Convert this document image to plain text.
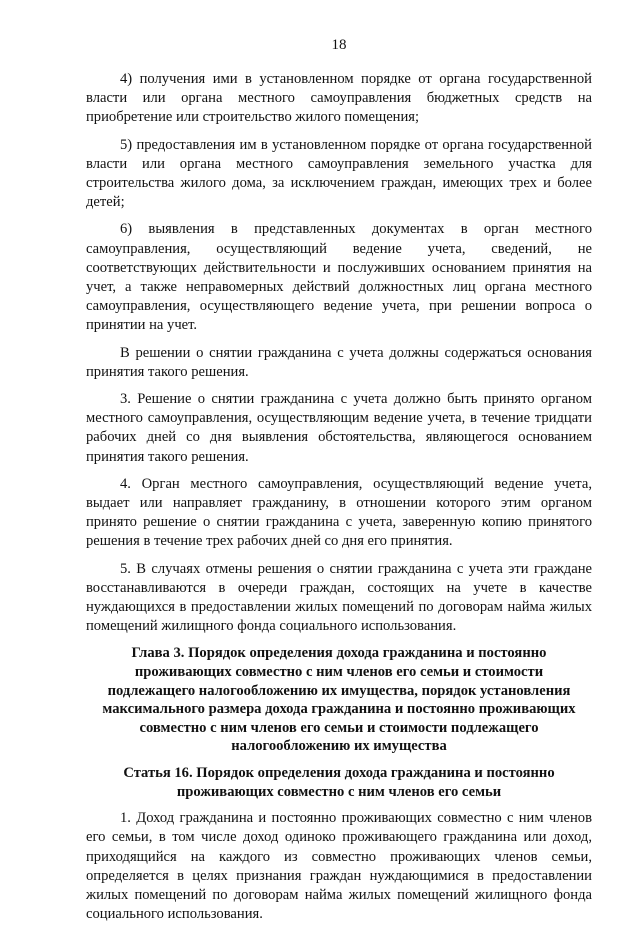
18

4) получения ими в установленном порядке от органа государственной власти или органа местного самоуправления бюджетных средств на приобретение или строительство жилого помещения;

5) предоставления им в установленном порядке от органа государственной власти или органа местного самоуправления земельного участка для строительства жилого дома, за исключением граждан, имеющих трех и более детей;

6) выявления в представленных документах в орган местного самоуправления, осуществляющий ведение учета, сведений, не соответствующих действительности и послуживших основанием принятия на учет, а также неправомерных действий должностных лиц органа местного самоуправления, осуществляющего ведение учета, при решении вопроса о принятии на учет.

В решении о снятии гражданина с учета должны содержаться основания принятия такого решения.

3. Решение о снятии гражданина с учета должно быть принято органом местного самоуправления, осуществляющим ведение учета, в течение тридцати рабочих дней со дня выявления обстоятельства, являющегося основанием принятия такого решения.

4. Орган местного самоуправления, осуществляющий ведение учета, выдает или направляет гражданину, в отношении которого этим органом принято решение о снятии гражданина с учета, заверенную копию принятого решения в течение трех рабочих дней со дня его принятия.

5. В случаях отмены решения о снятии гражданина с учета эти граждане восстанавливаются в очереди граждан, состоящих на учете в качестве нуждающихся в предоставлении жилых помещений по договорам найма жилых помещений жилищного фонда социального использования.

Глава 3. Порядок определения дохода гражданина и постоянно проживающих совместно с ним членов его семьи и стоимости подлежащего налогообложению их имущества, порядок установления максимального размера дохода гражданина и постоянно проживающих совместно с ним членов его семьи и стоимости подлежащего налогообложению их имущества
Статья 16. Порядок определения дохода гражданина и постоянно проживающих совместно с ним членов его семьи

1. Доход гражданина и постоянно проживающих совместно с ним членов его семьи, в том числе доход одиноко проживающего гражданина или доход, приходящийся на каждого из совместно проживающих членов семьи, определяется в целях признания граждан нуждающимися в предоставлении жилых помещений по договорам найма жилых помещений жилищного фонда социального использования.
